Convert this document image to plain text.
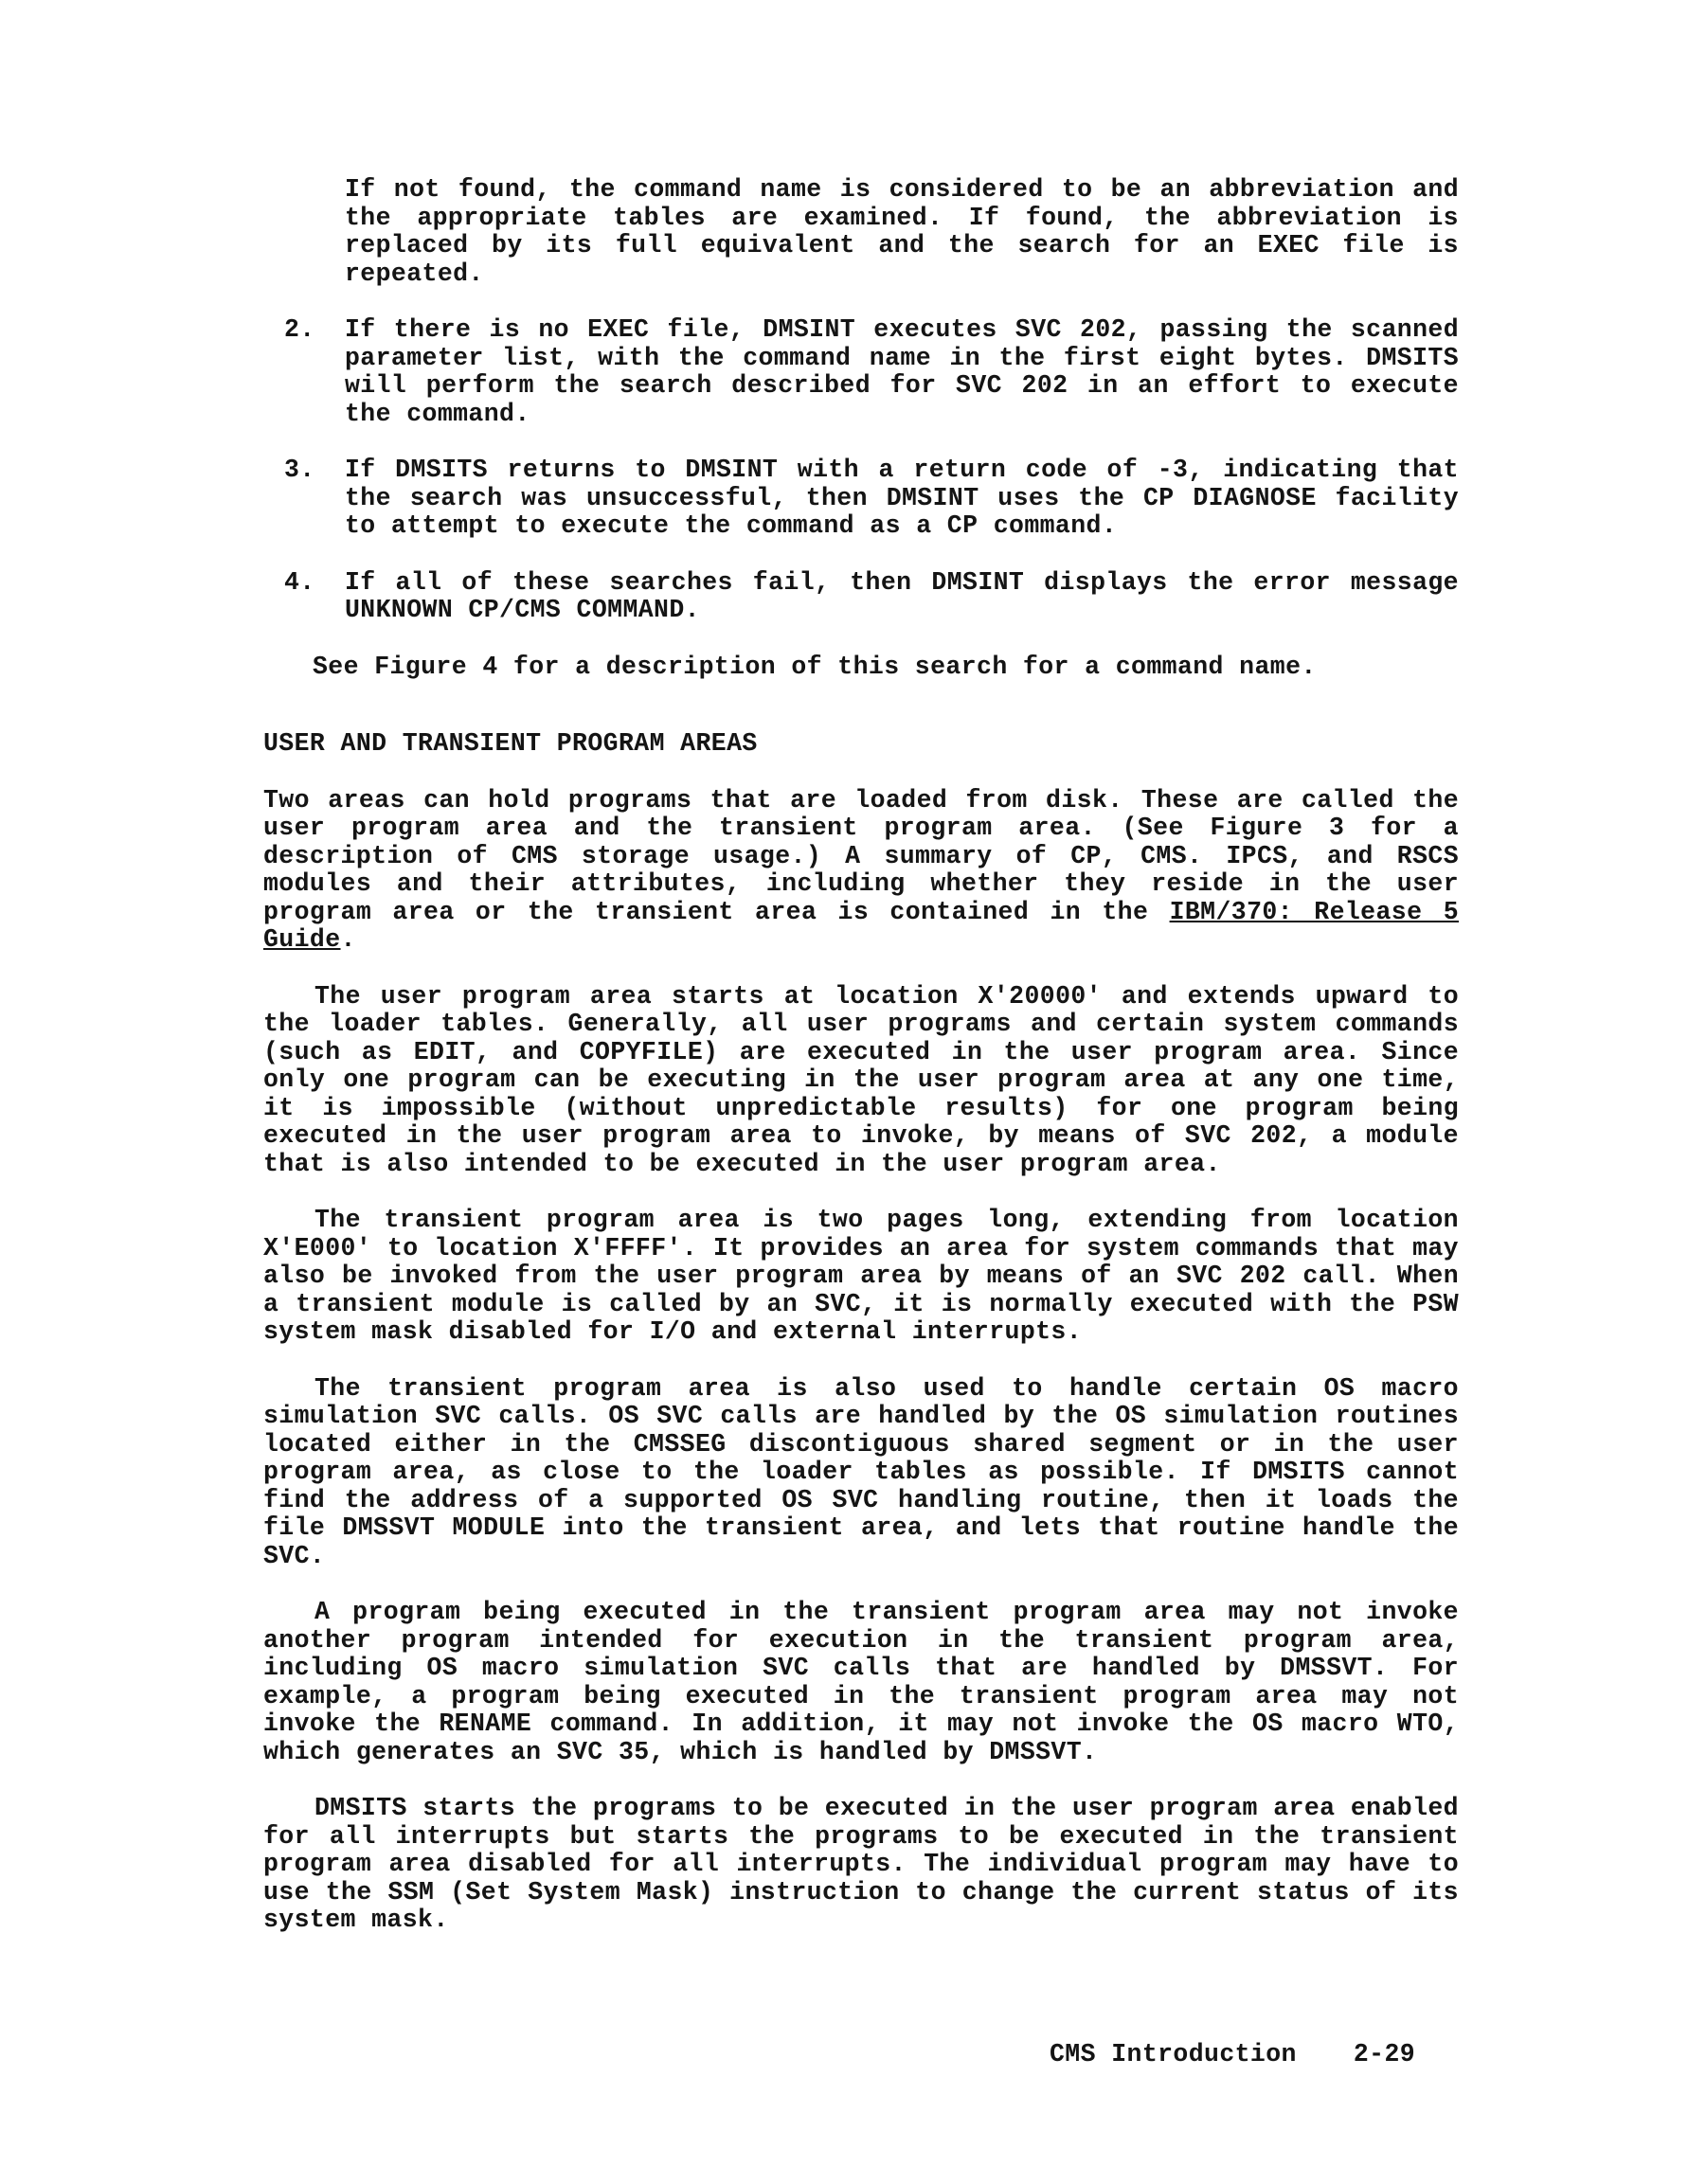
If not found, the command name is considered to be an abbreviation and the appropriate tables are examined. If found, the abbreviation is replaced by its full equivalent and the search for an EXEC file is repeated.

2. If there is no EXEC file, DMSINT executes SVC 202, passing the scanned parameter list, with the command name in the first eight bytes. DMSITS will perform the search described for SVC 202 in an effort to execute the command.
3. If DMSITS returns to DMSINT with a return code of -3, indicating that the search was unsuccessful, then DMSINT uses the CP DIAGNOSE facility to attempt to execute the command as a CP command.
4. If all of these searches fail, then DMSINT displays the error message UNKNOWN CP/CMS COMMAND.

See Figure 4 for a description of this search for a command name.

USER AND TRANSIENT PROGRAM AREAS

Two areas can hold programs that are loaded from disk. These are called the user program area and the transient program area. (See Figure 3 for a description of CMS storage usage.) A summary of CP, CMS. IPCS, and RSCS modules and their attributes, including whether they reside in the user program area or the transient area is contained in the IBM/370: Release 5 Guide.

The user program area starts at location X'20000' and extends upward to the loader tables. Generally, all user programs and certain system commands (such as EDIT, and COPYFILE) are executed in the user program area. Since only one program can be executing in the user program area at any one time, it is impossible (without unpredictable results) for one program being executed in the user program area to invoke, by means of SVC 202, a module that is also intended to be executed in the user program area.

The transient program area is two pages long, extending from location X'E000' to location X'FFFF'. It provides an area for system commands that may also be invoked from the user program area by means of an SVC 202 call. When a transient module is called by an SVC, it is normally executed with the PSW system mask disabled for I/O and external interrupts.

The transient program area is also used to handle certain OS macro simulation SVC calls. OS SVC calls are handled by the OS simulation routines located either in the CMSSEG discontiguous shared segment or in the user program area, as close to the loader tables as possible. If DMSITS cannot find the address of a supported OS SVC handling routine, then it loads the file DMSSVT MODULE into the transient area, and lets that routine handle the SVC.

A program being executed in the transient program area may not invoke another program intended for execution in the transient program area, including OS macro simulation SVC calls that are handled by DMSSVT. For example, a program being executed in the transient program area may not invoke the RENAME command. In addition, it may not invoke the OS macro WTO, which generates an SVC 35, which is handled by DMSSVT.

DMSITS starts the programs to be executed in the user program area enabled for all interrupts but starts the programs to be executed in the transient program area disabled for all interrupts. The individual program may have to use the SSM (Set System Mask) instruction to change the current status of its system mask.

CMS Introduction 2-29
